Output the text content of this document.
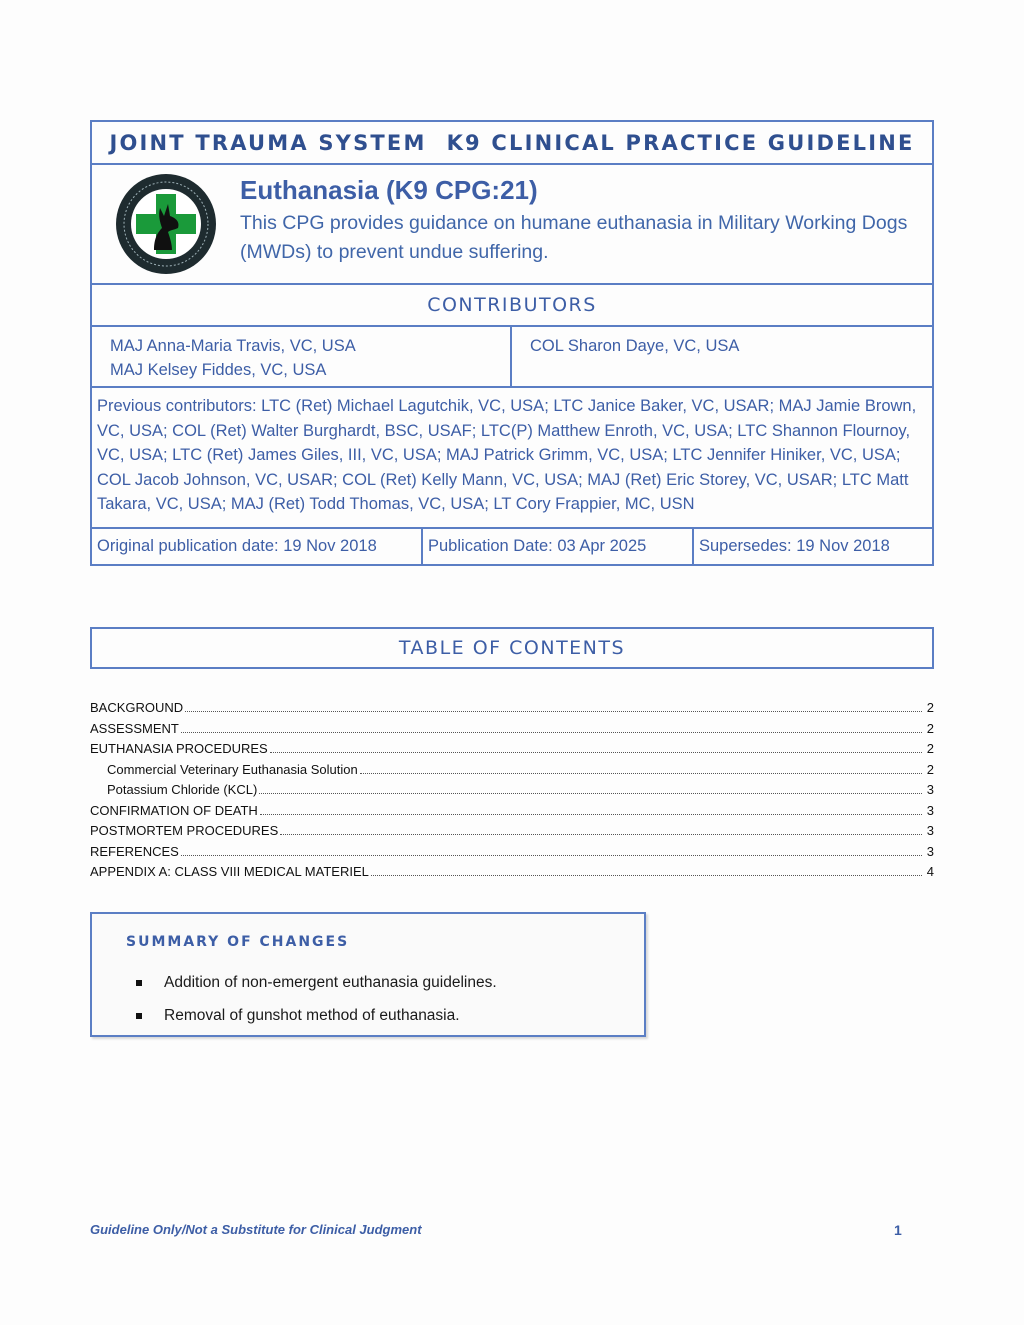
JOINT TRAUMA SYSTEM K9 CLINICAL PRACTICE GUIDELINE
Euthanasia (K9 CPG:21)
This CPG provides guidance on humane euthanasia in Military Working Dogs (MWDs) to prevent undue suffering.
CONTRIBUTORS
MAJ Anna-Maria Travis, VC, USA
MAJ Kelsey Fiddes, VC, USA
COL Sharon Daye, VC, USA
Previous contributors: LTC (Ret) Michael Lagutchik, VC, USA; LTC Janice Baker, VC, USAR; MAJ Jamie Brown, VC, USA; COL (Ret) Walter Burghardt, BSC, USAF; LTC(P) Matthew Enroth, VC, USA; LTC Shannon Flournoy, VC, USA; LTC (Ret) James Giles, III, VC, USA; MAJ Patrick Grimm, VC, USA; LTC Jennifer Hiniker, VC, USA; COL Jacob Johnson, VC, USAR; COL (Ret) Kelly Mann, VC, USA; MAJ (Ret) Eric Storey, VC, USAR; LTC Matt Takara, VC, USA; MAJ (Ret) Todd Thomas, VC, USA; LT Cory Frappier, MC, USN
Original publication date: 19 Nov 2018	Publication Date: 03 Apr 2025	Supersedes: 19 Nov 2018
TABLE OF CONTENTS
BACKGROUND	2
ASSESSMENT	2
EUTHANASIA PROCEDURES	2
Commercial Veterinary Euthanasia Solution	2
Potassium Chloride (KCL)	3
CONFIRMATION OF DEATH	3
POSTMORTEM PROCEDURES	3
REFERENCES	3
APPENDIX A: CLASS VIII MEDICAL MATERIEL	4
SUMMARY OF CHANGES
Addition of non-emergent euthanasia guidelines.
Removal of gunshot method of euthanasia.
Guideline Only/Not a Substitute for Clinical Judgment	1
